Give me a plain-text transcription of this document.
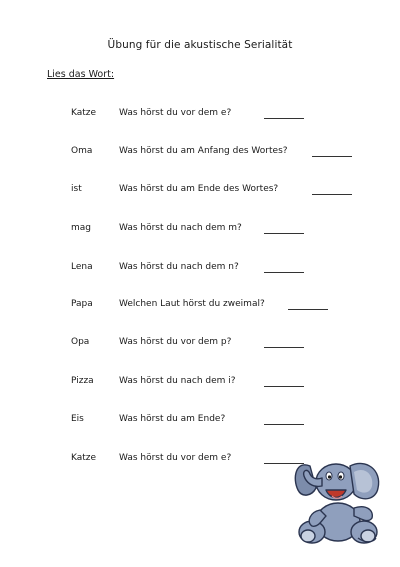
Übung für die akustische Serialität
Lies das Wort:
Katze	Was hörst du vor dem e?
Oma	Was hörst du am Anfang des Wortes?
ist	Was hörst du am Ende des Wortes?
mag	Was hörst du nach dem m?
Lena	Was hörst du nach dem n?
Papa	Welchen Laut hörst du zweimal?
Opa	Was hörst du vor dem p?
Pizza	Was hörst du nach dem i?
Eis	Was hörst du am Ende?
Katze	Was hörst du vor dem e?
